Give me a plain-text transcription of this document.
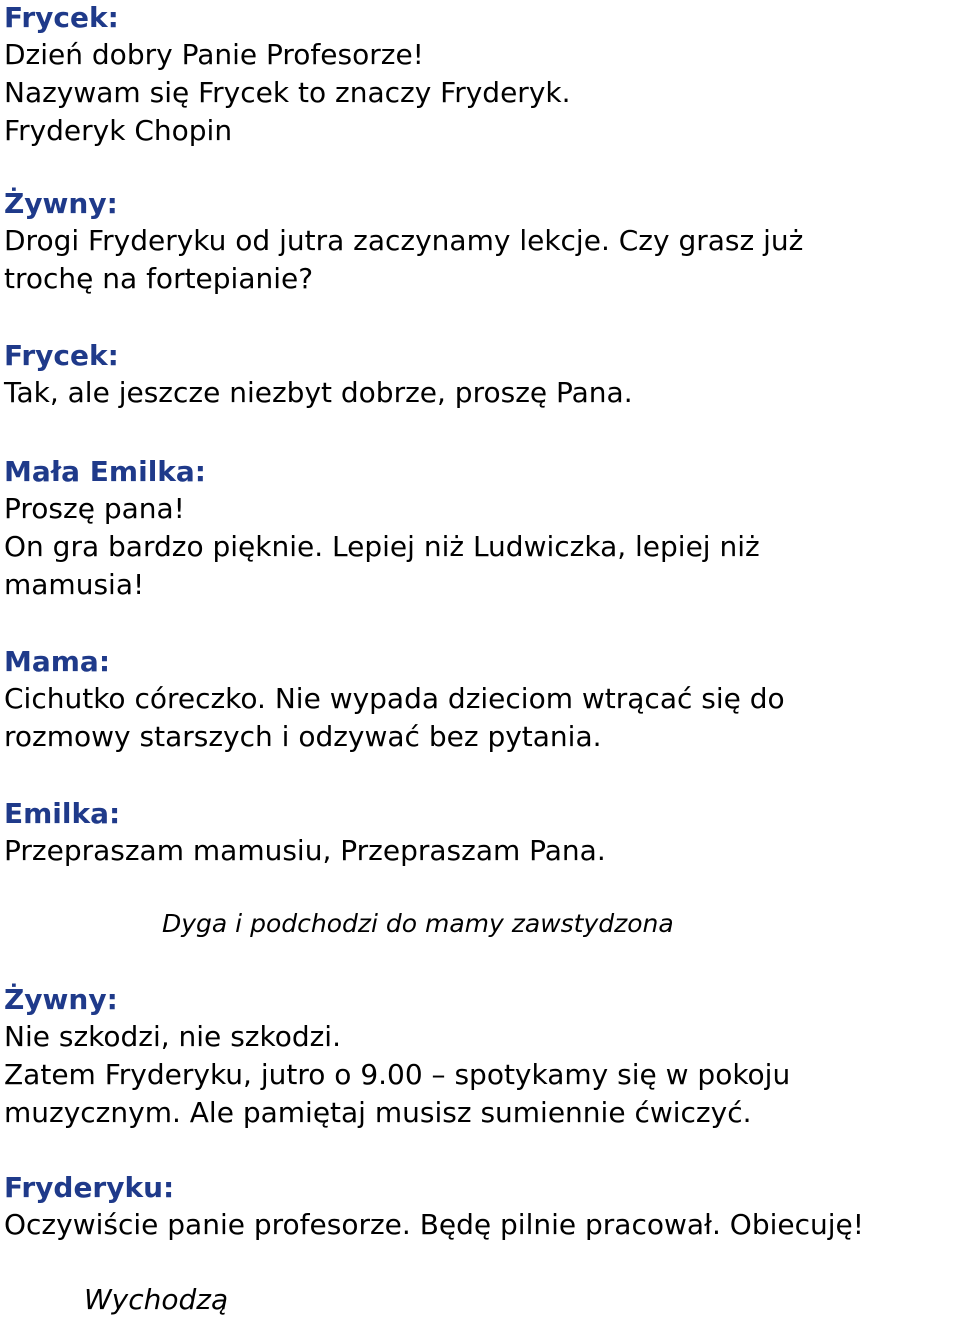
Frycek:
Dzień dobry Panie Profesorze!
Nazywam się Frycek to znaczy Fryderyk.
Fryderyk Chopin
Żywny:
Drogi Fryderyku od jutra zaczynamy lekcje. Czy grasz już
trochę na fortepianie?
Frycek:
Tak, ale jeszcze niezbyt dobrze, proszę Pana.
Mała Emilka:
Proszę pana!
On gra bardzo pięknie. Lepiej niż Ludwiczka, lepiej niż
mamusia!
Mama:
Cichutko córeczko. Nie wypada dzieciom wtrącać się do
rozmowy starszych i odzywać bez pytania.
Emilka:
Przepraszam mamusiu, Przepraszam Pana.
Dyga i podchodzi do mamy zawstydzona
Żywny:
Nie szkodzi, nie szkodzi.
Zatem Fryderyku, jutro o 9.00 – spotykamy się w pokoju
muzycznym. Ale pamiętaj musisz sumiennie ćwiczyć.
Fryderyku:
Oczywiście panie profesorze. Będę pilnie pracował. Obiecuję!
Wychodzą
